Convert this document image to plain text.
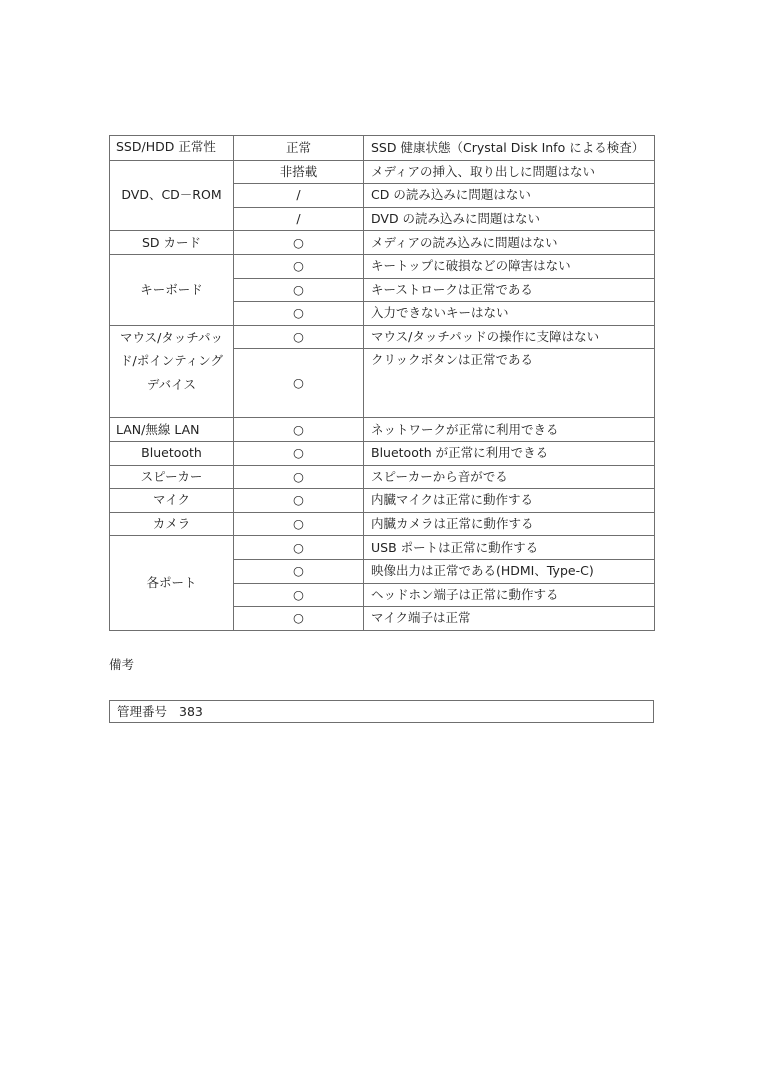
SSD/HDD 正常性	正常	SSD 健康状態（Crystal Disk Info による検査）
DVD、CD－ROM	非搭載	メディアの挿入、取り出しに問題はない
	/	CD の読み込みに問題はない
	/	DVD の読み込みに問題はない
SD カード	○	メディアの読み込みに問題はない
キーボード	○	キートップに破損などの障害はない
	○	キーストロークは正常である
	○	入力できないキーはない
マウス/タッチパッド/ポインティングデバイス	○	マウス/タッチパッドの操作に支障はない
	○	クリックボタンは正常である
LAN/無線 LAN	○	ネットワークが正常に利用できる
Bluetooth	○	Bluetooth が正常に利用できる
スピーカー	○	スピーカーから音がでる
マイク	○	内臓マイクは正常に動作する
カメラ	○	内臓カメラは正常に動作する
各ポート	○	USB ポートは正常に動作する
	○	映像出力は正常である(HDMI、Type-C)
	○	ヘッドホン端子は正常に動作する
	○	マイク端子は正常

備考

管理番号 383
